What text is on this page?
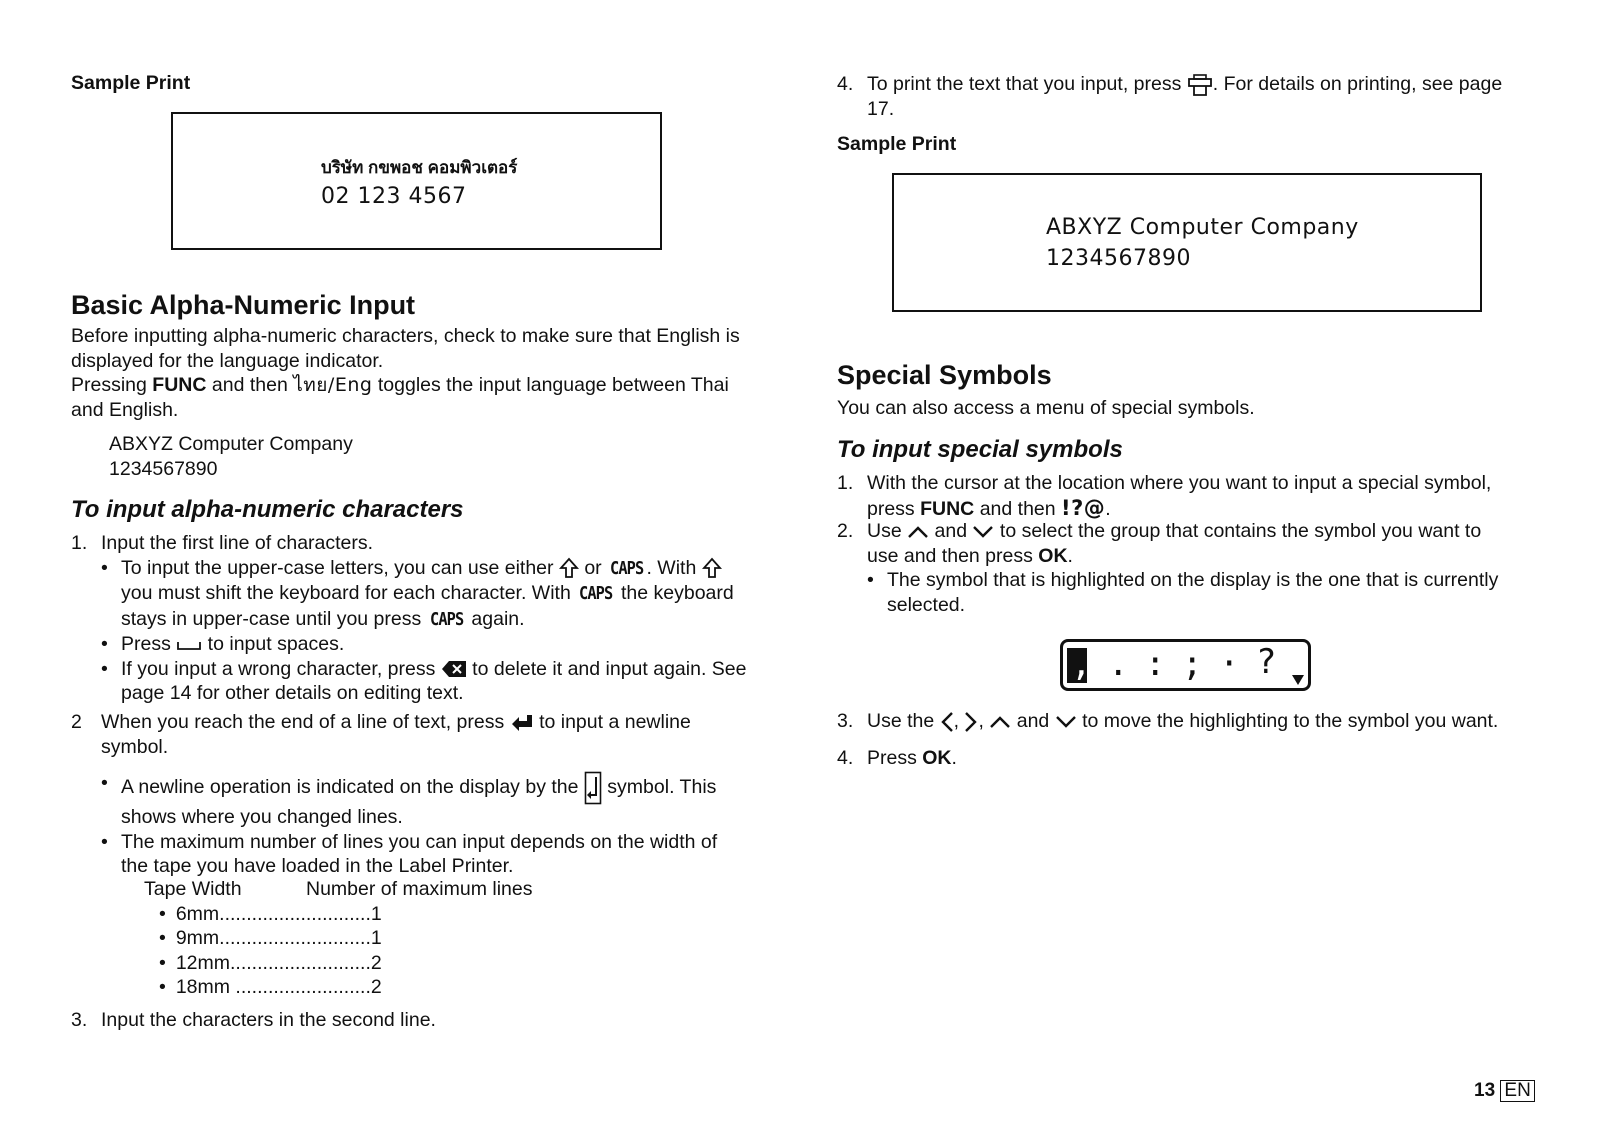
Sample Print
บริษัท กขพอช คอมพิวเตอร์
02 123 4567
Basic Alpha-Numeric Input
Before inputting alpha-numeric characters, check to make sure that English is
displayed for the language indicator.
Pressing FUNC and then ไทย/Eng toggles the input language between Thai
and English.
ABXYZ Computer Company
1234567890
To input alpha-numeric characters
1. Input the first line of characters.
• To input the upper-case letters, you can use either  or CAPS . With
you must shift the keyboard for each character. With CAPS the keyboard
stays in upper-case until you press CAPS again.
• Press  to input spaces.
• If you input a wrong character, press  to delete it and input again. See
page 14 for other details on editing text.
2 When you reach the end of a line of text, press  to input a newline
symbol.
• A newline operation is indicated on the display by the  symbol. This
shows where you changed lines.
• The maximum number of lines you can input depends on the width of
the tape you have loaded in the Label Printer.
Tape Width	Number of maximum lines
• 6mm............................1
• 9mm............................1
• 12mm..........................2
• 18mm .........................2
3. Input the characters in the second line.
4. To print the text that you input, press . For details on printing, see page
17.
Sample Print
ABXYZ Computer Company
1234567890
Special Symbols
You can also access a menu of special symbols.
To input special symbols
1. With the cursor at the location where you want to input a special symbol,
press FUNC and then !?@.
2. Use  and  to select the group that contains the symbol you want to
use and then press OK.
• The symbol that is highlighted on the display is the one that is currently
selected.
, . : ; · ?
3. Use the , ,  and  to move the highlighting to the symbol you want.
4. Press OK.
13 EN
